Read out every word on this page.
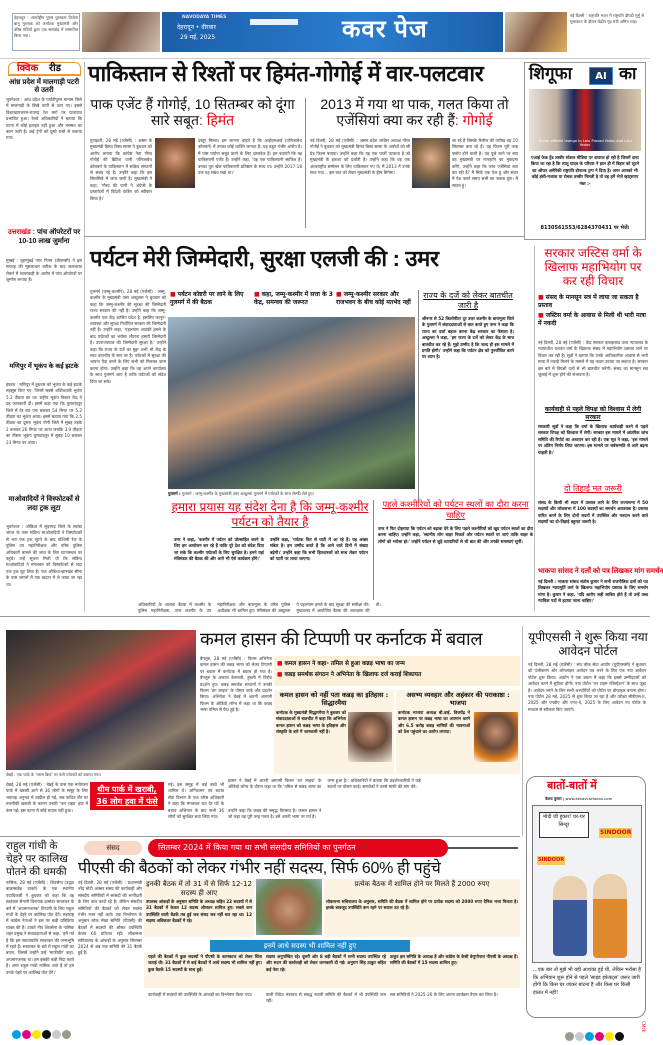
देहरादून : अंतर्राष्ट्रीय पुरुष पुरस्कार विजेता बानू मुश्ताक को कर्नाटक मुख्यमंत्री और वरिष्ठ मंत्रियों द्वारा एक समारोह में सम्मानित किया गया।
NAVODAYA TIMES
देहरादून • वीरवार
29 मई, 2025	कवर पेज
नई दिल्ली : राष्ट्रपति भवन में राष्ट्रपति द्रौपदी मुर्मू से मुलाकात के दौरान केंद्रीय गृह मंत्री अमित शाह।
क्विक रीड
आंध्र प्रदेश में मालगाड़ी पटरी से उतरी
भुवनेश्वर : आंध्र प्रदेश के पार्वतीपुरम मान्यम जिले में मालगाड़ी के डिब्बे पटरी से उतर गए। इससे विशाखापत्तनम-रायगढ़ रेल मार्ग पर यातायात प्रभावित हुआ। रेलवे अधिकारियों ने बताया कि घटना में कोई हताहत नहीं हुआ और मरम्मत का काम जारी है। कई ट्रेनों को दूसरे रास्ते से चलाया गया।
उत्तराखंड : पांच ऑपरेटरों पर 10-10 लाख जुर्माना
मुम्बई : बृहन्मुंबई नगर निगम (बीएमसी) ने इस सप्ताह की मूसलाधार बारिश के बाद जलभराव रोकने में लापरवाही के आरोप में पांच ऑपरेटरों पर जुर्माना लगाया है।
मणिपुर में भूकंप के कई झटके
इंफाल : मणिपुर में बुधवार को भूकंप के कई झटके महसूस किए गए, जिनमें सबसे शक्तिशाली भूकंप 5.2 तीव्रता का था। राष्ट्रीय भूकंप विज्ञान केंद्र ने यह जानकारी दी। इसमें कहा गया कि चुराचांदपुर जिले में देर रात एक बजकर 54 मिनट पर 5.2 तीव्रता का भूकंप आया। इसमें बताया गया कि 2.5 तीव्रता का दूसरा भूकंप नोनी जिले में सुबह तड़के 2 बजकर 26 मिनट पर आया जबकि 3.9 तीव्रता का तीसरा भूकंप चुराचांदपुर में सुबह 10 बजकर 23 मिनट पर आया।
माओवादियों ने विस्फोटकों से लदा ट्रक लूटा
भुवनेश्वर : ओडिशा में सुंदरगढ़ जिले के सारंडा जंगल के पास संदिग्ध माओवादियों ने विस्फोटकों से भरा एक ट्रक लूटने के बाद पश्चिमी रेंज के पुलिस उप महानिरीक्षक और वरिष्ठ पुलिस अधिकारी मामले की जांच के लिए घटनास्थल पर पहुंचे। उन्हें सूचना मिली थी कि संदिग्ध माओवादियों ने मंगलवार को विस्फोटकों से लदा एक ट्रक लूट लिया है। एक ओडिशा-झारखंड सीमा के पास जंगलों में एक खदान में ले जाया जा रहा था।
पाकिस्तान से रिश्तों पर हिमंत-गोगोई में वार-पलटवार
पाक एजेंट हैं गोगोई, 10 सितम्बर को दूंगा सारे सबूत: हिमंत
2013 में गया था पाक, गलत किया तो एजेंसियां क्या कर रही हैं: गोगोई
गुवाहाटी, 28 मई (एजेंसी) : असम के मुख्यमंत्री हिमंत बिस्व सरमा ने बुधवार को आरोप लगाया कि कांग्रेस नेता गौरव गोगोई की ब्रिटिश पत्नी एलिजाबेथ कोलबर्न के पाकिस्तान में सक्रिय संगठनों से संबंध रहे हैं। उन्होंने कहा कि इस सिलसिले में जांच जारी है। मुख्यमंत्री ने कहा, 'गौरव की पत्नी ने अंग्रेजी के दस्तावेजों में विदेशी फंडिंग को स्वीकार किया है।'
दस्तूर मिल्या। हम जानना चाहते हैं कि आईएसआई (एलिजाबेथ कोलबर्न) में उनका कोई व्यक्ति जानता है। यह बहुत गंभीर आरोप है। मैं पास पर्याप्त सबूत करने के लिए दस्तावेज हैं। हम बताएंगे कि वह पाकिस्तानी एजेंट हैं। उन्होंने कहा, 'यह एक पाकिस्तानी साजिश है। उनका पूरा खेल पाकिस्तानी प्रतिष्ठान के साथ था। उन्होंने 2017-18 तक यह संबंध रखा था।'
नई दिल्ली, 28 मई (एजेंसी) : असम प्रदेश कांग्रेस अध्यक्ष गौरव गोगोई ने बुधवार को मुख्यमंत्री हिमंत बिस्व सरमा के आरोपों को सी ग्रेड फिल्म बताया। उन्होंने कहा कि यह एक फर्जी पटकथा है जो मुख्यमंत्री के हताशा को दर्शाती है। उन्होंने कहा कि वह एक अंतरराष्ट्रीय सम्मेलन के लिए पाकिस्तान गए थे। मैं 2013 में उनके साथ गया... इस बात को लेकर मुख्यमंत्री के ड्रीम सिनेमा।
जा रहे हैं जिसके रिलीज की तारीख वह 10 सितम्बर बता रहे हैं। यह फिल्म पूरी तरह फ्लॉप होने वाली है। यह पूछे जाने पर क्या वह मुख्यमंत्री पर मानहानि का मुकदमा करेंगे, उन्होंने कहा कि जांच एजेंसियां क्या कर रही हैं? मैं सिर्फ एक पेज हूं और सदन में पेश करते समय सभी का जवाब दूंगा। मैं स्वतंत्र हूं।
शिगूफा	AI का
Trump offered mango to Lalu Prasad Yadav and Lalu Yadav
एआई फेक ट्रेंड तस्वीर सोशल मीडिया पर वायरल हो रही है जिसमें दावा किया जा रहा है कि लालू यादव के परिवार ने हाल ही में बिहार को लूटने का ऑफर अमेरिकी राष्ट्रपति डोनाल्ड ट्रम्प ने दिया है। अगर आपको भी कोई हंसी-मजाक या रोचक तस्वीर मिलती है तो वह हमें भेजें व्हाट्सएप नंबर :-
8130561553/6284370431 पर भेजें।
पर्यटन मेरी जिम्मेदारी, सुरक्षा एलजी की : उमर
गुलमर्ग (जम्मू-कश्मीर), 28 मई (एजेंसी) : जम्मू-कश्मीर के मुख्यमंत्री उमर अब्दुल्ला ने बुधवार को कहा कि जम्मू-कश्मीर की सुरक्षा की जिम्मेदारी राज्य सरकार की नहीं है। उन्होंने कहा कि जम्मू-कश्मीर एक केंद्र शासित प्रदेश है, इसलिए कानून-व्यवस्था और सुरक्षा निर्वाचित सरकार की जिम्मेदारी नहीं है। उन्होंने कहा, 'पहलगाम आतंकी हमले के बाद पर्यटकों का भरोसा लौटाना हमारी जिम्मेदारी है। उपराज्यपाल की जिम्मेदारी सुरक्षा है।' उन्होंने कहा कि राज्य के दर्जे का मुद्दा अभी भी केंद्र के साथ बातचीत के स्तर पर है। पर्यटकों में सुरक्षा की भावना पैदा करने के लिए सभी को मिलकर काम करना होगा। उन्होंने कहा कि वह अपने कार्यालय के साथ गुलमर्ग आए हैं ताकि पर्यटकों को संदेश दिया जा सके।
■ पर्यटन कोष्टरी पर लाने के लिए गुलमर्ग में की बैठक
■ कहा, जम्मू-कश्मीर में सत्ता के 3 केंद्र, समन्वय की जरूरत
■ जम्मू-कश्मीर सरकार और राजभवन के बीच कोई मतभेद नहीं
गुलमर्ग : गुलमर्ग : जम्मू-कश्मीर के मुख्यमंत्री उमर अब्दुल्ला गुलमर्ग में पर्यटकों के साथ सेल्फी लेते हुए।
राज्य के दर्जे को लेकर बातचीत जारी है
श्रीनगर से 52 किलोमीटर दूर उत्तर कश्मीर के बारामूला जिले के गुलमर्ग में संवाददाताओं से बात करते हुए उमर ने कहा कि राज्य का दर्जा बहाल करना केंद्र सरकार का फैसला है। अब्दुल्ला ने कहा, 'हम राज्य के दर्जे को लेकर केंद्र के साथ बातचीत कर रहे हैं। मुझे उम्मीद है कि जल्द ही इस मामले में प्रगति होगी।' उन्होंने कहा कि पर्यटन क्षेत्र को पुनर्जीवित करने पर ध्यान है।
हमारा प्रयास यह संदेश देना है कि जम्मू-कश्मीर पर्यटन को तैयार है
उमर ने कहा, 'कश्मीर में पर्यटन को प्रोत्साहित करने के लिए हम आयोजन कर रहे हैं ताकि पूरे देश को संदेश दिया जा सके कि कश्मीर पर्यटकों के लिए सुरक्षित है। हमने यहां मंत्रिमंडल की बैठक की और आगे भी ऐसे कार्यक्रम होंगे।'
उन्होंने कहा, 'पर्यटक फिर से घाटी में आ रहे हैं। यह अच्छा संकेत है। हम उम्मीद करते हैं कि आने वाले दिनों में संख्या बढ़ेगी।' उन्होंने कहा कि सभी हितधारकों को साथ लेकर पर्यटन को पटरी पर लाया जाएगा।
पहले कश्मीरियों को पर्यटन स्थलों का दौरा करना चाहिए
उमर ने फिर दोहराया कि पर्यटन को बढ़ावा देने के लिए पहले कश्मीरियों को खुद पर्यटन स्थलों का दौरा करना चाहिए। उन्होंने कहा, 'स्थानीय लोग बाहर निकलें और पर्यटन स्थलों पर जाएं ताकि बाहर के लोगों को भरोसा हो।' उन्होंने पर्यटन से जुड़े व्यापारियों से भी बात की और उनकी समस्याएं सुनीं।
अधिकारियों के अलावा बैठक में कश्मीर के पुलिस महानिरीक्षक, उत्तर कश्मीर के उप महानिरीक्षक और बारामूला के वरिष्ठ पुलिस अधीक्षक भी शामिल हुए। मंत्रिमंडल की अब्दुल्ला ने पहलगाम हमले के बाद सुरक्षा की समीक्षा की। मुख्यालय में आयोजित बैठक की अध्यक्षता की थी।
सरकार जस्टिस वर्मा के खिलाफ महाभियोग पर कर रही विचार
■ संसद के मानसून सत्र में लाया जा सकता है प्रस्ताव
■ जस्टिस वर्मा के आवास से मिली थी भारी मात्रा में नकदी
नई दिल्ली, 28 मई (एजेंसी) : केंद्र सरकार इलाहाबाद उच्च न्यायालय के न्यायाधीश यशवंत वर्मा के खिलाफ संसद में महाभियोग प्रस्ताव लाने पर विचार कर रही है। सूत्रों ने बताया कि उनके आधिकारिक आवास से भारी मात्रा में नकदी मिलने के मामले में यह कदम उठाया जा सकता है। सरकार इस बारे में विपक्षी दलों से भी बातचीत करेगी। संसद का मानसून सत्र जुलाई में शुरू होने की संभावना है।
कार्यवाही से पहले विपक्ष को विश्वास में लेगी सरकार
सरकारी सूत्रों ने कहा कि वर्मा के खिलाफ कार्यवाही करने से पहले सरकार विपक्ष को विश्वास में लेगी। सरकार इस मामले में आंतरिक जांच समिति की रिपोर्ट का अध्ययन कर रही है। एक सूत्र ने कहा, 'इस मामले पर अंतिम निर्णय लिया जाएगा। इस मामले पर सर्वसम्मति से आगे बढ़ना चाहती है।'
दो तिहाई मत जरूरी
संसद के किसी भी सदन में प्रस्ताव लाने के लिए राज्यसभा में 50 सदस्यों और लोकसभा में 100 सदस्यों का समर्थन आवश्यक है। प्रस्ताव पारित करने के लिए दोनों सदनों में उपस्थित और मतदान करने वाले सदस्यों का दो-तिहाई बहुमत जरूरी है।
भाकपा सांसद ने दलों को पत्र लिखकर मांग समर्थन
नई दिल्ली : भाकपा सांसद संतोष कुमार ने सभी राजनीतिक दलों को पत्र लिखकर न्यायमूर्ति वर्मा के खिलाफ महाभियोग प्रस्ताव के लिए समर्थन मांगा है। कुमार ने कहा, 'यदि आरोप सही साबित होते हैं तो उन्हें उच्च न्यायिक पदों से हटाया जाना चाहिए।'
चेन्नई : एक पार्क के 'ग्लास ब्रिज' पर फंसे पर्यटकों को बचाया गया।
चेन्नई, 28 मई (एजेंसी) : चेन्नई के पास एक मनोरंजन पार्क में खराबी आने से 36 लोगों के समूह के लिए भयावह अनुभव में तब्दील हो गई, जब कथित तौर पर तकनीकी खराबी के कारण उनकी 'फन राइड' हवा में फंस गई। इस घटना में कोई घायल नहीं हुआ।
थीम पार्क में खराबी,
36 लोग हवा में फंसे
गई। इस समूह में कई बच्चे भी शामिल थे। अग्निशमन एवं बचाव सेवा विभाग के एक वरिष्ठ अधिकारी ने कहा कि मंगलवार रात देर घंटे के बचाव अभियान के बाद सभी 36 लोगों को सुरक्षित बचा लिया गया।
कमल हासन की टिप्पणी पर कर्नाटक में बवाल
बेंगलुरु, 28 मई (एजेंसी) : फिल्म अभिनेता कमल हासन की कन्नड़ भाषा को लेकर टिप्पणी पर बवाल में कर्नाटक में बवाल हो गया है। बेंगलुरु के अलावा बेलगावी, हुबली में विरोध प्रदर्शन हुए। कन्नड़ समर्थक संगठनों ने उनकी फिल्म 'ठग लाइफ' के पोस्टर फाड़े और प्रदर्शन किया। अभिनेता ने चेन्नई में अपनी आगामी फिल्म के ऑडियो लॉन्च में कहा था कि कन्नड़ भाषा तमिल से पैदा हुई है।
■ कमल हासन ने कहा- तमिल से हुआ कन्नड़ भाषा का जन्म
■ कन्नड़ समर्थक संगठन ने अभिनेता के खिलाफ दर्ज कराई शिकायत
कमल हासन को नहीं पता कन्नड़ का इतिहास : सिद्धारमैया
कर्नाटक के मुख्यमंत्री सिद्धारमैया ने बुधवार को संवाददाताओं से बातचीत में कहा कि अभिनेता कमल हासन को कन्नड़ भाषा के इतिहास और संस्कृति के बारे में जानकारी नहीं है।
असभ्य व्यवहार और अहंकार की पराकाष्ठा : भाजपा
कर्नाटक भाजपा अध्यक्ष बी.वाई. विजयेंद्र ने कमल हासन पर कन्नड़ भाषा का अपमान करने और 6.5 करोड़ कन्नड़ भाषियों की भावनाओं को ठेस पहुंचाने का आरोप लगाया।
हासन ने चेन्नई में अपनी आगामी फिल्म 'ठग लाइफ' के ऑडियो लॉन्च के दौरान कहा था कि 'तमिल से कन्नड़ भाषा का जन्म हुआ है।' अधिकारियों ने बताया कि प्रदर्शनकारियों ने कई स्थानों पर पोस्टर फाड़े। समर्थकों ने उनसे माफी की मांग की।
उन्होंने कहा कि कन्नड़ की समृद्ध विरासत है। कमल हासन ने जो कहा वह पूरी तरह गलत है। हमें अपनी भाषा पर गर्व है।
यूपीएससी ने शुरू किया नया आवेदन पोर्टल
नई दिल्ली, 28 मई (एजेंसी) : संघ लोक सेवा आयोग (यूपीएससी) ने बुधवार को पंजीकरण और ऑनलाइन आवेदन पत्र भरने के लिए एक नया आवेदन पोर्टल शुरू किया। आयोग ने एक बयान में कहा कि इससे उम्मीदवारों को आवेदन करने में सुविधा होगी। नया पोर्टल 'वन टाइम रजिस्ट्रेशन' के साथ जुड़ा है। आवेदन भरने के लिए सभी अभ्यर्थियों को पोर्टल पर प्रोफाइल बनाना होगा। नया पोर्टल 28 मई, 2025 से शुरू किया जा रहा है और परीक्षा सीडीएस-II, 2025 और एनडीए और एनए-II, 2025 के लिए आवेदन नए पोर्टल के माध्यम से स्वीकार किए जाएंगे।
बातों-बातों में
केशव कुमार | www.kesavcartoons.com
मोदी जी हुंकार! घर-घर सिन्दूर
SINDOOR
SINDOOR
...एक बार तो मुझे भी यही आशंका हुई थी, लेकिन भरोसा है कि अभियान शुरू होने से पहले 'साइड इफेक्ट्स' जरूर जारी होंगी कि किस घर जाकर बांटना है और किस घर किसी हालत में नहीं!
राहुल गांधी के चेहरे पर कालिख पोतने की धमकी
नासिक, 28 मई (एजेंसी) : शिवसेना (उद्धव बालासाहेब ठाकरे) के एक स्थानीय पदाधिकारी ने बुधवार को कहा कि वह स्वतंत्रता सेनानी विनायक दामोदर सावरकर के बारे में 'अपमानजनक' टिप्पणी के लिए राहुल गांधी के चेहरे पर कालिख पोत देंगे। महाराष्ट्र में कांग्रेस नेताओं ने इस पर कड़ी प्रतिक्रिया व्यक्त की है। ठाकरे नीत शिवसेना के नासिक शहर प्रमुख ने संवाददाताओं से कहा, 'हमें गर्व है कि हम स्वातंत्र्यवीर सावरकर की जन्मभूमि में रहते हैं। सावरकर के बारे में राहुल गांधी का बयान, जिसमें उन्होंने उन्हें 'माफीवीर' कहा, अपमानजनक था। हम इसकी कड़ी निंदा करते हैं। अगर राहुल गांधी नासिक आते हैं तो हम उनके चेहरे पर कालिख पोत देंगे।'
संसद	सितम्बर 2024 में किया गया था सभी संसदीय समितियों का पुनर्गठन
पीएसी की बैठकों को लेकर गंभीर नहीं सदस्य, सिर्फ 60% ही पहुंचे
नई दिल्ली, 28 मई (एजेंसी) : प्रधानमंत्री नरेंद्र मोदी अक्सर संसद की कार्यवाही और संसदीय समितियों में सांसदों की भागीदारी के लिए बात करते रहे हैं। लेकिन संसदीय समितियों की बैठकों को लेकर सदस्य गंभीर नजर नहीं आते। एक विश्लेषण के अनुसार लोक लेखा समिति (पीएसी) की बैठकों में सदस्यों की औसत उपस्थिति केवल 60 प्रतिशत रही। लोकसभा सचिवालय के आंकड़ों के अनुसार सितम्बर 2024 से अब तक समिति की 31 बैठकें हुई हैं।
इनकी बैठक में तो 31 में से सिर्फ 12-12 सदस्य ही आए
उपलब्ध आंकड़ों के अनुसार समिति के अध्यक्ष सहित 22 सदस्यों में से 31 बैठकों में केवल 12 सदस्य औसतन शामिल हुए। सबसे कम उपस्थिति वाली बैठकें तब हुईं जब संसद सत्र नहीं चल रहा था। 12 सदस्य अधिकतर बैठकों में रहे।
प्रत्येक बैठक में शामिल होने पर मिलते हैं 2000 रुपए
लोकसभा सचिवालय के अनुसार, समिति की बैठक में शामिल होने पर प्रत्येक सदस्य को 2000 रुपए दैनिक भत्ता मिलता है। इसके बावजूद उपस्थिति कम रहने पर सवाल उठ रहे हैं।
इनमें आधे सदस्य भी शामिल नहीं हुए
पहले की बैठकों में कुछ सदस्यों ने पीएसी के कामकाज को लेकर चिंता जताई थी। 31 बैठकों में से कई बैठकों में आधे सदस्य भी शामिल नहीं हुए। कुछ बैठकें 15 सदस्यों के साथ हुईं।
सदस्य अनुपस्थित रहे। दूसरी ओर 8 बड़ी बैठकों में सभी सदस्य उपस्थित रहे और सदन की कार्यवाही को लेकर जानकारी दी गई। अनुराग सिंह ठाकुर सहित कई नेता रहे।
ठाकुर इस समिति के अध्यक्ष हैं और कांग्रेस के केसी वेणुगोपाल पीएसी के अध्यक्ष हैं। समिति की बैठकों में 15 सदस्य शामिल हुए।
कार्यवाही में सदस्यों की उपस्थिति के आंकड़ों का विश्लेषण किया गया।	वाली विदेश मंत्रालय से संबद्ध स्थायी समिति की बैठकों में भी उपस्थिति कम रही।
सब समितियों ने 2025-26 के लिए अपना कार्यक्रम तैयार कर लिया है।
CMYK
